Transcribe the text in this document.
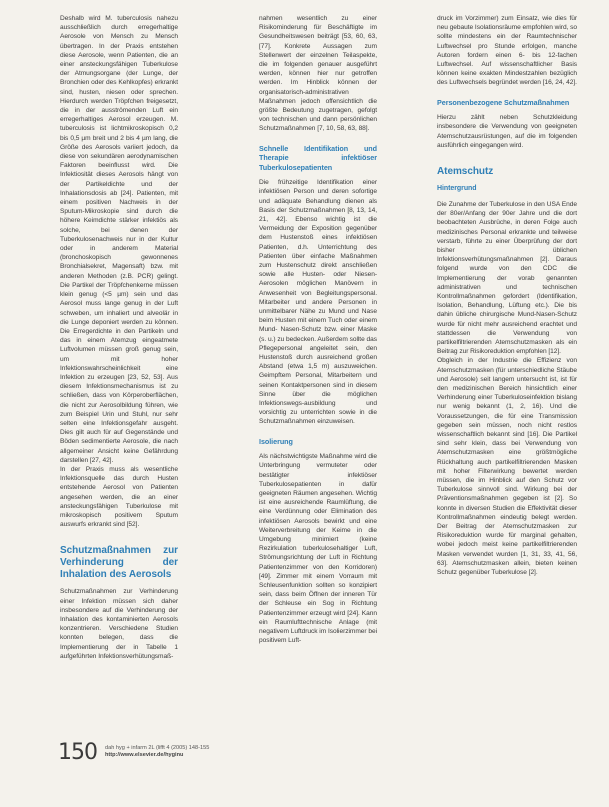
Deshalb wird M. tuberculosis nahezu ausschließlich durch erregerhaltige Aerosole von Mensch zu Mensch übertragen. In der Praxis entstehen diese Aerosole, wenn Patienten, die an einer ansteckungsfähigen Tuberkulose der Atmungsorgane (der Lunge, der Bronchien oder des Kehlkopfes) erkrankt sind, husten, niesen oder sprechen. Hierdurch werden Tröpfchen freigesetzt, die in der ausströmenden Luft ein erregerhaltiges Aerosol erzeugen. M. tuberculosis ist lichtmikroskopisch 0,2 bis 0,5 µm breit und 2 bis 4 µm lang, die Größe des Aerosols variiert jedoch, da diese von sekundären aerodynamischen Faktoren beeinflusst wird. Die Infektiosität dieses Aerosols hängt von der Partikeldichte und der Inhalationsdosis ab [24]. Patienten, mit einem positiven Nachweis in der Sputum-Mikroskopie sind durch die höhere Keimdichte stärker infektiös als solche, bei denen der Tuberkulosenachweis nur in der Kultur oder in anderem Material (bronchoskopisch gewonnenes Bronchialsekret, Magensaft) bzw. mit anderen Methoden (z.B. PCR) gelingt. Die Partikel der Tröpfchenkerne müssen klein genug (<5 µm) sein und das Aerosol muss lange genug in der Luft schweben, um inhaliert und alveolär in die Lunge deponiert werden zu können. Die Erregerdichte in den Partikeln und das in einem Atemzug eingeatmete Luftvolumen müssen groß genug sein, um mit hoher Infektionswahrscheinlichkeit eine Infektion zu erzeugen [23, 52, 53]. Aus diesem Infektionsmechanismus ist zu schließen, dass von Körperoberflächen, die nicht zur Aerosolbildung führen, wie zum Beispiel Urin und Stuhl, nur sehr selten eine Infektionsgefahr ausgeht. Dies gilt auch für auf Gegenstände und Böden sedimentierte Aerosole, die nach allgemeiner Ansicht keine Gefährdung darstellen [27, 42].

In der Praxis muss als wesentliche Infektionsquelle das durch Husten entstehende Aerosol von Patienten angesehen werden, die an einer ansteckungsfähigen Tuberkulose mit mikroskopisch positivem Sputum auswurfs erkrankt sind [52].

Schutzmaßnahmen zur Verhinderung der Inhalation des Aerosols

Schutzmaßnahmen zur Verhinderung einer Infektion müssen sich daher insbesondere auf die Verhinderung der Inhalation des kontaminierten Aerosols konzentrieren. Verschiedene Studien konnten belegen, dass die Implementierung der in Tabelle 1 aufgeführten Infektionsverhütungsmaß-

nahmen wesentlich zu einer Risikominderung für Beschäftigte im Gesundheitswesen beiträgt [53, 60, 63, [77]. Konkrete Aussagen zum Stellenwert der einzelnen Teilaspekte, die im folgenden genauer ausgeführt werden, können hier nur getroffen werden. Im Hinblick können der organisatorisch-administrativen Maßnahmen jedoch offensichtlich die größte Bedeutung zugetragen, gefolgt von technischen und dann persönlichen Schutzmaßnahmen [7, 10, 58, 63, 88].

Schnelle Identifikation und Therapie infektiöser Tuberkulosepatienten

Die frühzeitige Identifikation einer infektiösen Person und deren sofortige und adäquate Behandlung dienen als Basis der Schutzmaßnahmen [8, 13, 14, 21, 42]. Ebenso wichtig ist die Vermeidung der Exposition gegenüber dem Hustenstoß eines infektiösen Patienten, d.h. Unterrichtung des Patienten über einfache Maßnahmen zum Hustenschutz direkt anschließen sowie alle Husten- oder Niesen-Aerosolen möglichen Manövern in Anwesenheit von Begleitungspersonal. Mitarbeiter und andere Personen in unmittelbarer Nähe zu Mund und Nase beim Husten mit einem Tuch oder einem Mund- Nasen-Schutz bzw. einer Maske (s. u.) zu bedecken. Außerdem sollte das Pflegepersonal angeleitet sein, den Hustenstoß durch ausreichend großen Abstand (etwa 1,5 m) auszuweichen. Geimpftem Personal, Mitarbeitern und seinen Kontaktpersonen sind in diesem Sinne über die möglichen Infektionswegs-ausbildung und vorsichtig zu unterrichten sowie in die Schutzmaßnahmen einzuweisen.

Isolierung

Als nächstwichtigste Maßnahme wird die Unterbringung vermuteter oder bestätigter infektiöser Tuberkulosepatienten in dafür geeigneten Räumen angesehen. Wichtig ist eine ausreichende Raumlüftung, die eine Verdünnung oder Elimination des infektiösen Aerosols bewirkt und eine Weiterverbreitung der Keime in die Umgebung minimiert (keine Rezirkulation tuberkulosehaltiger Luft, Strömungsrichtung der Luft in Richtung Patientenzimmer von den Korridoren) [49]. Zimmer mit einem Vorraum mit Schleusenfunktion sollten so konzipiert sein, dass beim Öffnen der inneren Tür der Schleuse ein Sog in Richtung Patientenzimmer erzeugt wird [24]. Kann ein Raumlufttechnische Anlage (mit negativem Luftdruck im Isolierzimmer bei positivem Luft-

druck im Vorzimmer) zum Einsatz, wie dies für neu gebaute Isolationsräume empfohlen wird, so sollte mindestens ein der Raumtechnischer Luftwechsel pro Stunde erfolgen, manche Autoren fordern einen 6- bis 12-fachen Luftwechsel. Auf wissenschaftlicher Basis können keine exakten Mindestzahlen bezüglich des Luftwechsels begründet werden [16, 24, 42].

Personenbezogene Schutzmaßnahmen

Hierzu zählt neben Schutzkleidung insbesondere die Verwendung von geeigneten Atemschutzausrüstungen, auf die im folgenden ausführlich eingegangen wird.

Atemschutz

Hintergrund

Die Zunahme der Tuberkulose in den USA Ende der 80er/Anfang der 90er Jahre und die dort beobachteten Ausbrüche, in deren Folge auch medizinisches Personal erkrankte und teilweise verstarb, führte zu einer Überprüfung der dort bisher üblichen Infektionsverhütungsmaßnahmen [2]. Daraus folgend wurde von den CDC die Implementierung der vorab genannten administrativen und technischen Kontrollmaßnahmen gefordert (Identifikation, Isolation, Behandlung, Lüftung etc.). Die bis dahin übliche chirurgische Mund-Nasen-Schutz wurde für nicht mehr ausreichend erachtet und stattdessen die Verwendung von partikelfiltrierenden Atemschutzmasken als ein Beitrag zur Risikoreduktion empfohlen [12].

Obgleich in der Industrie die Effizienz von Atemschutzmasken (für unterschiedliche Stäube und Aerosole) seit langem untersucht ist, ist für den medizinischen Bereich hinsichtlich einer Verhinderung einer Tuberkuloseinfektion bislang nur wenig bekannt (1, 2, 16). Und die Voraussetzungen, die für eine Transmission gegeben sein müssen, noch nicht restlos wissenschaftlich bekannt sind [16]. Die Partikel sind sehr klein, dass bei Verwendung von Atemschutzmasken eine größtmögliche Rückhaltung auch partikelfiltrierenden Masken mit hoher Filterwirkung bewertet werden müssen, die im Hinblick auf den Schutz vor Tuberkulose sinnvoll sind. Wirkung bei der Präventionsmaßnahmen gegeben ist [2]. So konnte in diversen Studien die Effektivität dieser Kontrollmaßnahmen eindeutig belegt werden. Der Beitrag der Atemschutzmasken zur Risikoreduktion wurde für marginal gehalten, wobei jedoch meist keine partikelfiltrierenden Masken verwendet wurden [1, 31, 33, 41, 56, 63]. Atemschutzmasken allein, bieten keinen Schutz gegenüber Tuberkulose [2].

150 dah hyg + infarm 2L (lifft 4 (2005) 148-155
http://www.elsevier.de/hyginu
